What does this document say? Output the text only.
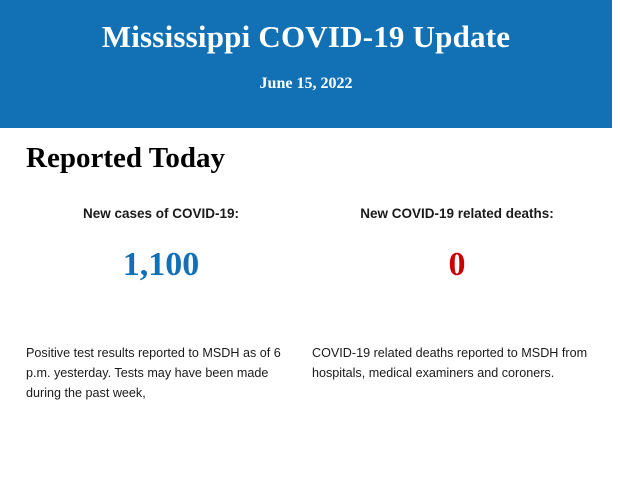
Mississippi COVID-19 Update
June 15, 2022
Reported Today
New cases of COVID-19:
1,100
Positive test results reported to MSDH as of 6 p.m. yesterday. Tests may have been made during the past week,
New COVID-19 related deaths:
0
COVID-19 related deaths reported to MSDH from hospitals, medical examiners and coroners.
